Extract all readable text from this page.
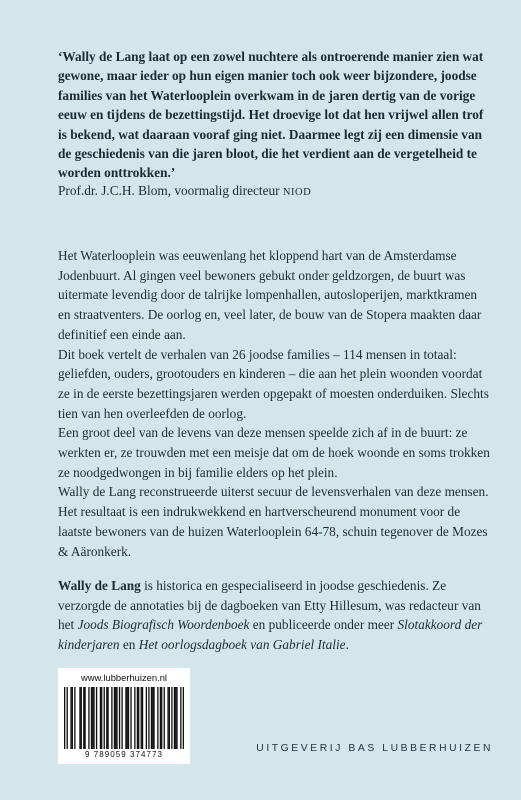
‘Wally de Lang laat op een zowel nuchtere als ontroerende manier zien wat gewone, maar ieder op hun eigen manier toch ook weer bijzondere, joodse families van het Waterlooplein overkwam in de jaren dertig van de vorige eeuw en tijdens de bezettingstijd. Het droevige lot dat hen vrijwel allen trof is bekend, wat daaraan vooraf ging niet. Daarmee legt zij een dimensie van de geschiedenis van die jaren bloot, die het verdient aan de vergetelheid te worden onttrokken.’

Prof.dr. J.C.H. Blom, voormalig directeur NIOD

Het Waterlooplein was eeuwenlang het kloppend hart van de Amsterdamse Jodenbuurt. Al gingen veel bewoners gebukt onder geldzorgen, de buurt was uitermate levendig door de talrijke lompenhallen, autosloperijen, marktkramen en straatventers. De oorlog en, veel later, de bouw van de Stopera maakten daar definitief een einde aan.

Dit boek vertelt de verhalen van 26 joodse families – 114 mensen in totaal: geliefden, ouders, grootouders en kinderen – die aan het plein woonden voordat ze in de eerste bezettingsjaren werden opgepakt of moesten onderduiken. Slechts tien van hen overleefden de oorlog.

Een groot deel van de levens van deze mensen speelde zich af in de buurt: ze werkten er, ze trouwden met een meisje dat om de hoek woonde en soms trokken ze noodgedwongen in bij familie elders op het plein.

Wally de Lang reconstrueerde uiterst secuur de levensverhalen van deze mensen. Het resultaat is een indrukwekkend en hartverscheurend monument voor de laatste bewoners van de huizen Waterlooplein 64-78, schuin tegenover de Mozes & Aäronkerk.

Wally de Lang is historica en gespecialiseerd in joodse geschiedenis. Ze verzorgde de annotaties bij de dagboeken van Etty Hillesum, was redacteur van het Joods Biografisch Woordenboek en publiceerde onder meer Slotakkoord der kinderjaren en Het oorlogsdagboek van Gabriel Italie.

www.lubberhuizen.nl
9 789059 374773

UITGEVERIJ BAS LUBBERHUIZEN
